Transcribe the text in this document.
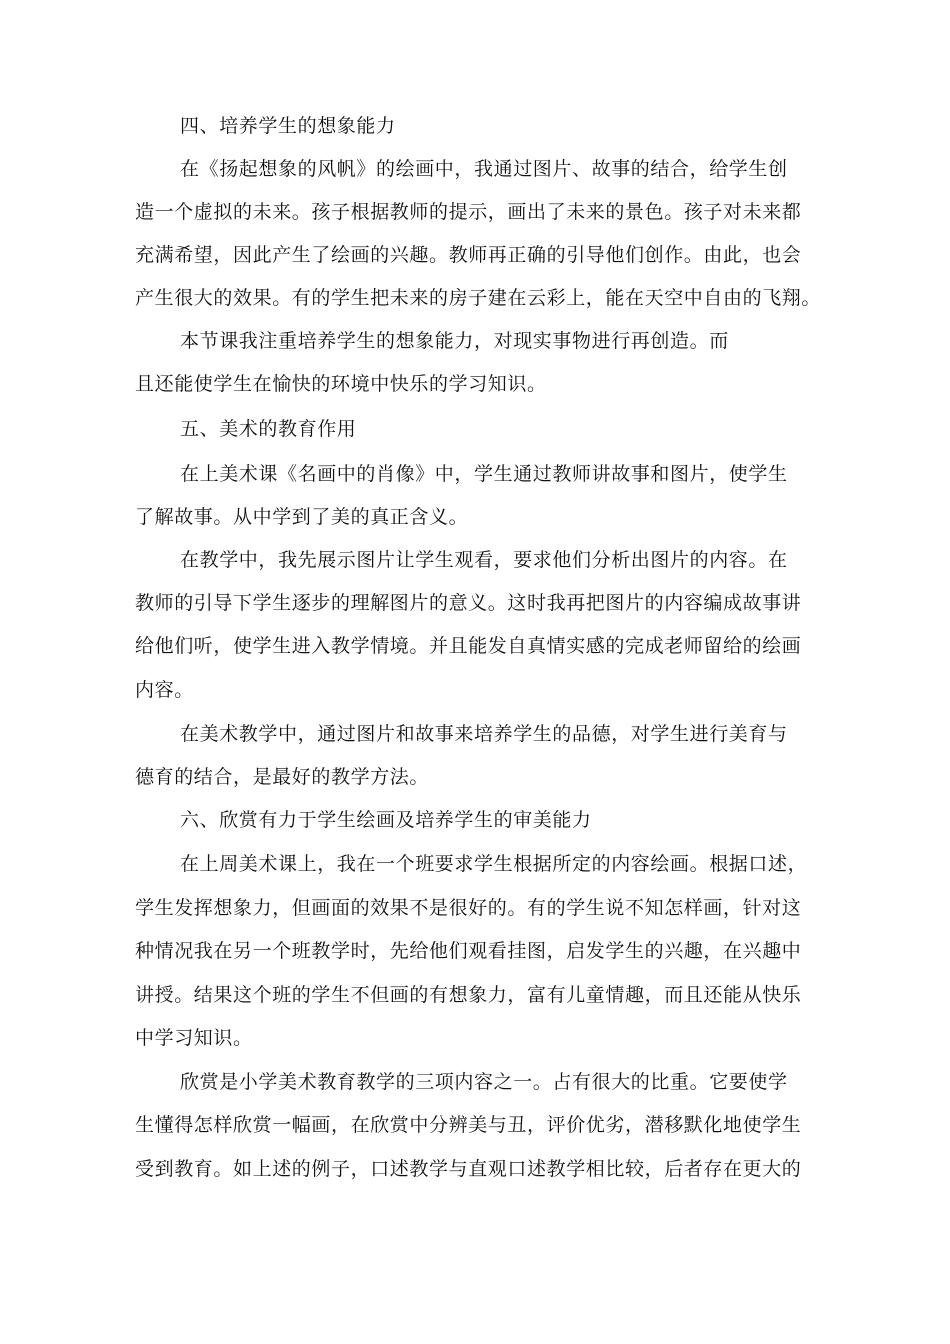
四、培养学生的想象能力
在《扬起想象的风帆》的绘画中，我通过图片、故事的结合，给学生创
造一个虚拟的未来。孩子根据教师的提示，画出了未来的景色。孩子对未来都
充满希望，因此产生了绘画的兴趣。教师再正确的引导他们创作。由此，也会
产生很大的效果。有的学生把未来的房子建在云彩上，能在天空中自由的飞翔。
本节课我注重培养学生的想象能力，对现实事物进行再创造。而
且还能使学生在愉快的环境中快乐的学习知识。
五、美术的教育作用
在上美术课《名画中的肖像》中，学生通过教师讲故事和图片，使学生
了解故事。从中学到了美的真正含义。
在教学中，我先展示图片让学生观看，要求他们分析出图片的内容。在
教师的引导下学生逐步的理解图片的意义。这时我再把图片的内容编成故事讲
给他们听，使学生进入教学情境。并且能发自真情实感的完成老师留给的绘画
内容。
在美术教学中，通过图片和故事来培养学生的品德，对学生进行美育与
德育的结合，是最好的教学方法。
六、欣赏有力于学生绘画及培养学生的审美能力
在上周美术课上，我在一个班要求学生根据所定的内容绘画。根据口述，
学生发挥想象力，但画面的效果不是很好的。有的学生说不知怎样画，针对这
种情况我在另一个班教学时，先给他们观看挂图，启发学生的兴趣，在兴趣中
讲授。结果这个班的学生不但画的有想象力，富有儿童情趣，而且还能从快乐
中学习知识。
欣赏是小学美术教育教学的三项内容之一。占有很大的比重。它要使学
生懂得怎样欣赏一幅画，在欣赏中分辨美与丑，评价优劣，潜移默化地使学生
受到教育。如上述的例子，口述教学与直观口述教学相比较，后者存在更大的
